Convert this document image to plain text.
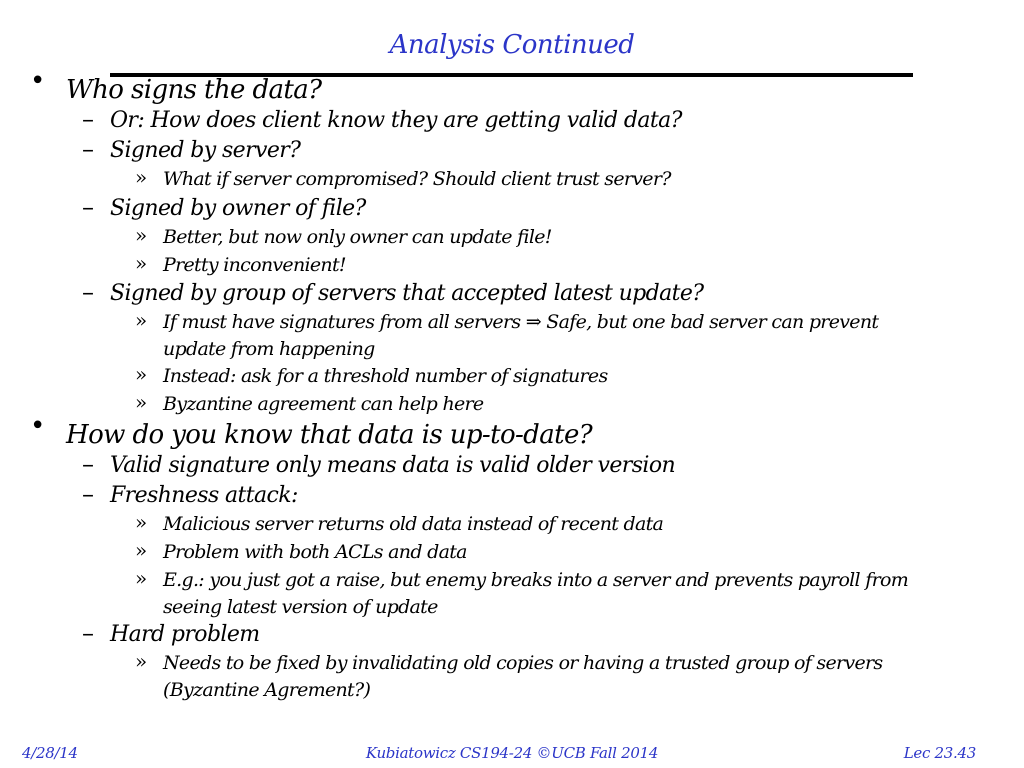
Analysis Continued
• Who signs the data?
– Or: How does client know they are getting valid data?
– Signed by server?
» What if server compromised? Should client trust server?
– Signed by owner of file?
» Better, but now only owner can update file!
» Pretty inconvenient!
– Signed by group of servers that accepted latest update?
» If must have signatures from all servers ⇒ Safe, but one bad server can prevent
update from happening
» Instead: ask for a threshold number of signatures
» Byzantine agreement can help here
• How do you know that data is up-to-date?
– Valid signature only means data is valid older version
– Freshness attack:
» Malicious server returns old data instead of recent data
» Problem with both ACLs and data
» E.g.: you just got a raise, but enemy breaks into a server and prevents payroll from
seeing latest version of update
– Hard problem
» Needs to be fixed by invalidating old copies or having a trusted group of servers
(Byzantine Agrement?)
4/28/14	Kubiatowicz CS194-24 ©UCB Fall 2014	Lec 23.43
